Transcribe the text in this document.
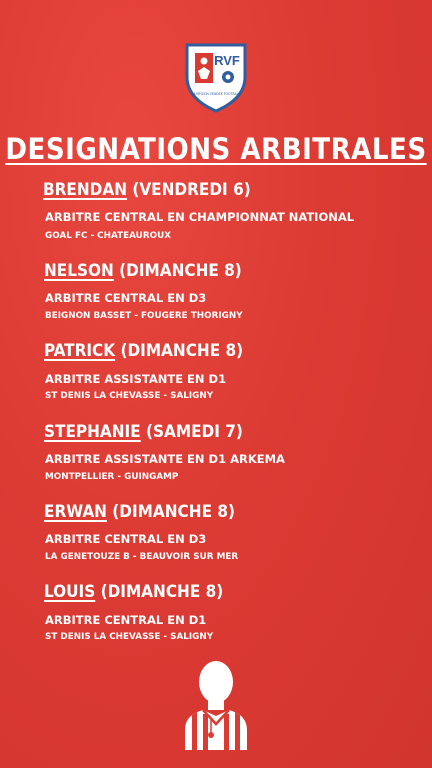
RVF
LA RÉGION VENDÉE FOOTBALL
DESIGNATIONS ARBITRALES
BRENDAN (VENDREDI 6)
ARBITRE CENTRAL EN CHAMPIONNAT NATIONAL
GOAL FC - CHATEAUROUX
NELSON (DIMANCHE 8)
ARBITRE CENTRAL EN D3
BEIGNON BASSET - FOUGERE THORIGNY
PATRICK (DIMANCHE 8)
ARBITRE ASSISTANTE EN D1
ST DENIS LA CHEVASSE - SALIGNY
STEPHANIE (SAMEDI 7)
ARBITRE ASSISTANTE EN D1 ARKEMA
MONTPELLIER - GUINGAMP
ERWAN (DIMANCHE 8)
ARBITRE CENTRAL EN D3
LA GENETOUZE B - BEAUVOIR SUR MER
LOUIS (DIMANCHE 8)
ARBITRE CENTRAL EN D1
ST DENIS LA CHEVASSE - SALIGNY
